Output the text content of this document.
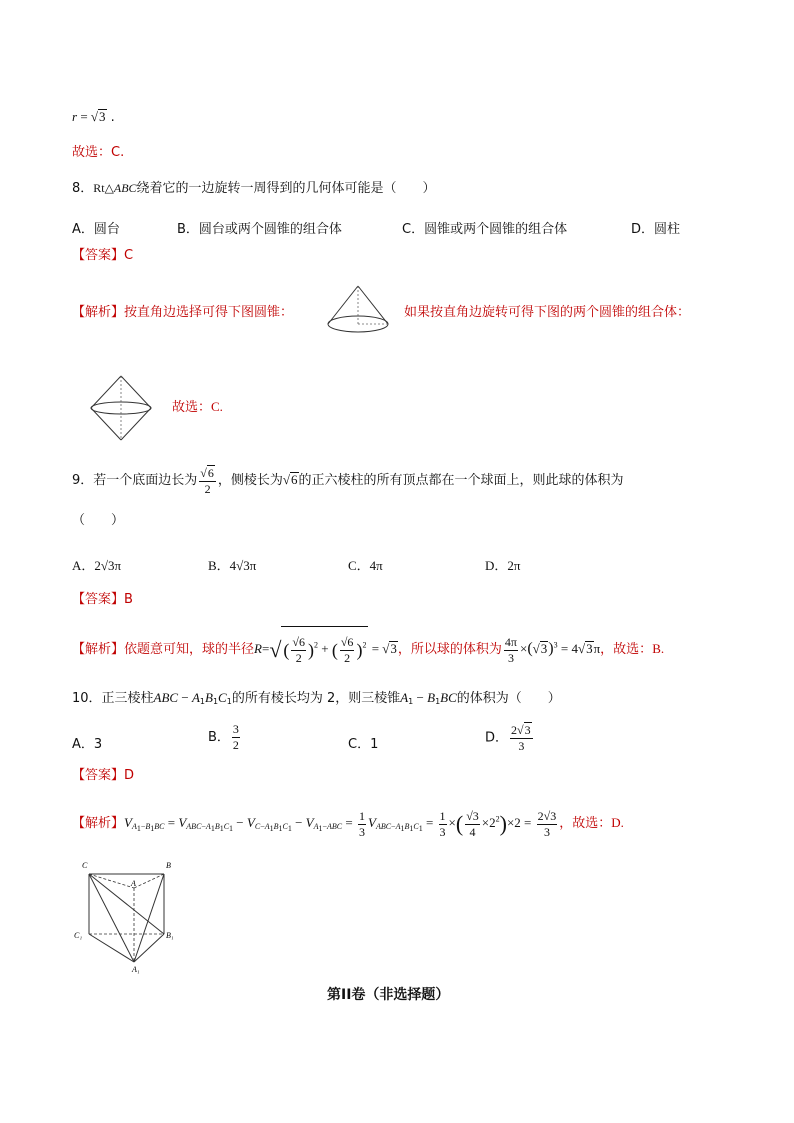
r = √3 .
故选：C.
8．Rt△ABC绕着它的一边旋转一周得到的几何体可能是（　　）
A．圆台	B．圆台或两个圆锥的组合体	C．圆锥或两个圆锥的组合体	D．圆柱
【答案】C
【解析】按直角边选择可得下图圆锥：	如果按直角边旋转可得下图的两个圆锥的组合体：
故选：C.
9．若一个底面边长为 $\frac{√6}{2}$ ，侧棱长为√6的正六棱柱的所有顶点都在一个球面上，则此球的体积为
（　　）
A．2√3π	B．4√3π	C．4π	D．2π
【答案】B
【解析】依题意可知，球的半径R=√ ( $\frac{√6}{2} )^2$ + ( $\frac{√6}{2} )^2 = √3$，所以球的体积为 $\frac{4\pi}{3} \times(√3)^3 = 4√3\pi$，故选：B.
10．正三棱柱ABC − $A_1B_1C_1$的所有棱长均为 2，则三棱锥$A_1 - B_1BC$的体积为（　　）
A．3	B． $\frac{3}{2}$	C．1	D． $\frac{2√3}{3}$
【答案】D
【解析】$V_{A_1-B_1BC} = V_{ABC-A_1B_1C_1} - V_{C-A_1B_1C_1} - V_{A_1-ABC} = \frac{1}{3} V_{ABC-A_1B_1C_1} = \frac{1}{3}$ ×( $\frac{√3}{4} \times 2^2)\times 2 = \frac{2√3}{3}$ ，故选：D.
C	B
A
C₁	B₁
A₁
第II卷（非选择题）
